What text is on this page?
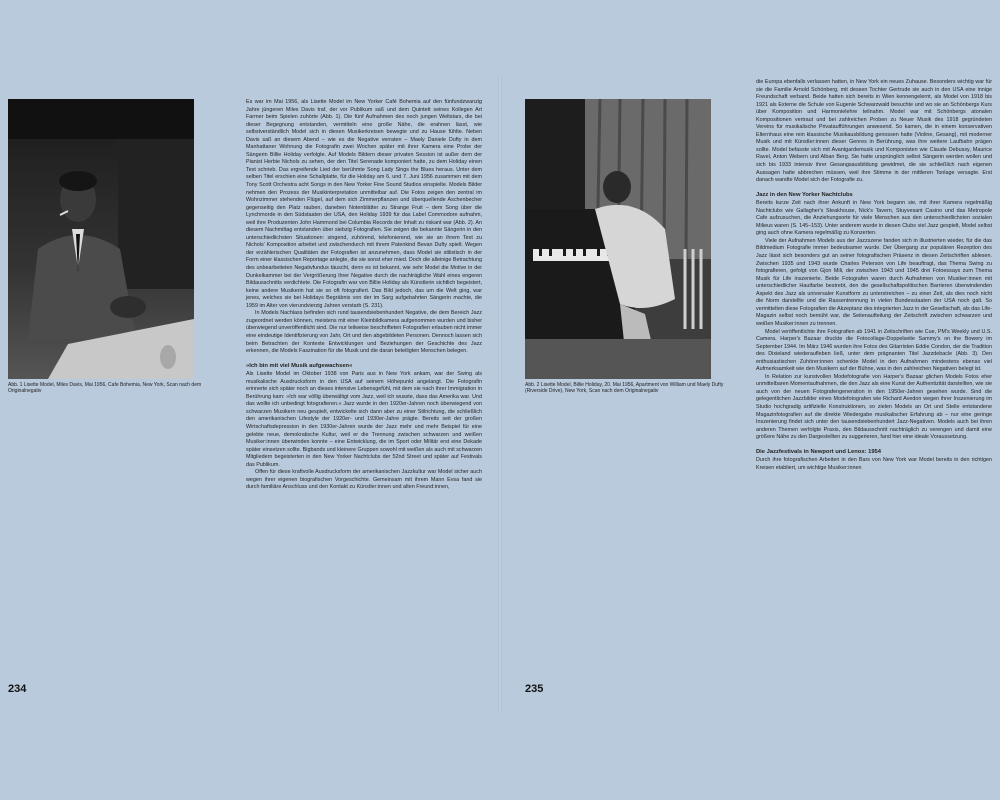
Abb. 1 Lisette Model, Miles Davis, Mai 1956, Cafe Bohemia, New York, Scan nach dem Originalnegativ

Es war im Mai 1956, als Lisette Model im New Yorker Café Bohemia auf den fünfundzwanzig Jahre jüngeren Miles Davis traf, der vor Publikum saß und dem Quintett seines Kollegen Art Farmer beim Spielen zuhörte (Abb. 1). Die fünf Aufnahmen des noch jungen Weltstars, die bei dieser Begegnung entstanden, vermitteln eine große Nähe, die erahnen lässt, wie selbstverständlich Model sich in diesen Musikerkreisen bewegte und zu Hause fühlte. Neben Davis saß an diesem Abend – wie es die Negative verraten – Maely Daniele Dufty in dem Manhattaner Wohnung die Fotografin zwei Wochen später mit ihrer Kamera eine Probe der Sängerin Billie Holiday verfolgte. Auf Models Bildern dieser privaten Session ist außer dem der Pianist Herbie Nichols zu sehen, der den Titel Serenade komponiert hatte, zu dem Holiday einen Text schrieb. Das ergreifende Lied der berühmte Song Lady Sings the Blues heraus. Unter dem selben Titel erschien eine Schallplatte, für die Holiday am 6. und 7. Juni 1956 zusammen mit dem Tony Scott Orchestra acht Songs in den New Yorker Fine Sound Studios einspielte. Models Bilder nehmen den Prozess der Musikinterpretation unmittelbar auf. Die Fotos zeigen den zentral im Wohnzimmer stehenden Flügel, auf dem sich Zimmerpflanzen und überquellende Aschenbecher gegenseitig den Platz rauben, daneben Notenblätter zu Strange Fruit – dem Song über die Lynchmorde in den Südstaaten der USA, den Holiday 1939 für das Label Commodore aufnahm, weil ihre Produzenten John Hammond bei Columbia Records der Inhalt zu riskant war (Abb. 2). An diesem Nachmittag entstanden über siebzig Fotografien. Sie zeigen die bekannte Sängerin in den unterschiedlichsten Situationen: singend, zuhörend, telefonierend, wie sie an ihrem Text zu Nichols' Komposition arbeitet und zwischendurch mit ihrem Patenkind Bevan Dufty spielt. Wegen der erzählerischen Qualitäten der Fotografien ist anzunehmen, dass Model sie stilistisch in der Form einer klassischen Reportage anlegte, die sie sonst eher mied. Doch die alleinige Betrachtung des unbearbeiteten Negativfundus täuscht, denn es ist bekannt, wie sehr Model die Motive in der Dunkelkammer bei der Vergrößerung ihrer Negative durch die nachträgliche Wahl eines engeren Bildausschnitts verdichtete. Die Fotografin war von Billie Holiday als Künstlerin sichtlich begeistert, keine andere Musikerin hat sie so oft fotografiert. Das Bild jedoch, das um die Welt ging, war jenes, welches sie bei Holidays Begräbnis von der im Sarg aufgebahrten Sängerin machte, die 1959 im Alter von vierundvierzig Jahren verstarb (S. 231).

In Models Nachlass befinden sich rund tausendsiebenhundert Negative, die dem Bereich Jazz zugeordnet werden können, meistens mit einer Kleinbildkamera aufgenommen wurden und bisher überwiegend unveröffentlicht sind. Die nur teilweise beschrifteten Fotografien erlauben nicht immer eine eindeutige Identifizierung von Jahr, Ort und den abgebildeten Personen. Dennoch lassen sich beim Betrachten der Kontexte Entwicklungen und Beziehungen der Geschichte des Jazz erkennen, die Models Faszination für die Musik und die daran beteiligten Menschen belegen.

»Ich bin mit viel Musik aufgewachsen«

Als Lisette Model im Oktober 1938 von Paris aus in New York ankam, war der Swing als musikalische Ausdrucksform in den USA auf seinem Höhepunkt angelangt. Die Fotografin erinnerte sich später noch an dieses intensive Lebensgefühl, mit dem sie nach ihrer Immigration in Berührung kam: »Ich war völlig überwältigt vom Jazz, weil ich wusste, dass das Amerika war. Und das wollte ich unbedingt fotografieren.« Jazz wurde in den 1920er-Jahren noch überwiegend von schwarzen Musikern neu gespielt, entwickelte sich dann aber zu einer Stilrichtung, die schließlich den amerikanischen Lifestyle der 1920er- und 1930er-Jahre prägte. Bereits seit der großen Wirtschaftsdepression in den 1930er-Jahren wurde der Jazz mehr und mehr Beispiel für eine gelebte neue, demokratische Kultur, weil er die Trennung zwischen schwarzen und weißen Musiker:innen überwinden konnte – eine Entwicklung, die im Sport oder Militär erst eine Dekade später einsetzen sollte. Bigbands und kleinere Gruppen sowohl mit weißen als auch mit schwarzen Mitgliedern begeisterten in den New Yorker Nachtclubs der 52nd Street und später auf Festivals das Publikum.

Offen für diese kraftvolle Ausdrucksform der amerikanischen Jazzkultur war Model sicher auch wegen ihrer eigenen biografischen Vorgeschichte. Gemeinsam mit ihrem Mann Evsa fand sie durch familiäre Anschluss und den Kontakt zu Künstler:innen und alten Freund:innen,

234
Abb. 2 Lisette Model, Billie Holiday, 20. Mai 1956, Apartment von William und Maely Dufty (Riverside Drive), New York, Scan nach dem Originalnegativ

die Europa ebenfalls verlassen hatten, in New York ein neues Zuhause. Besonders wichtig war für sie die Familie Arnold Schönberg, mit dessen Tochter Gertrude sie auch in den USA eine innige Freundschaft verband. Beide hatten sich bereits in Wien kennengelernt, als Model von 1918 bis 1921 als Externe die Schule von Eugenie Schwarzwald besuchte und wo sie an Schönbergs Kurs über Komposition und Harmonielehre teilnahm. Model war mit Schönbergs atonalen Kompositionen vertraut und bei zahlreichen Proben zu Neuer Musik des 1918 gegründeten Vereins für musikalische Privataufführungen anwesend. So kamen, die in einem konservativen Elternhaus eine rein klassische Musikausbildung genossen hatte (Violine, Gesang), mit moderner Musik und mit Künstler:innen dieser Genres in Berührung, was ihre weitere Laufbahn prägen sollte. Model befasste sich mit Avantgardemusik und Komponisten wie Claude Debussy, Maurice Ravel, Anton Webern und Alban Berg. Sie hatte ursprünglich selbst Sängerin werden wollen und sich bis 1933 intensiv ihrer Gesangsausbildung gewidmet, die sie schließlich nach eigenen Aussagen hatte abbrechen müssen, weil ihre Stimme in der mittleren Tonlage versagte. Erst danach wandte Model sich der Fotografie zu.

Jazz in den New Yorker Nachtclubs

Bereits kurze Zeit nach ihrer Ankunft in New York begann sie, mit ihrer Kamera regelmäßig Nachtclubs wie Gallagher's Steakhouse, Nick's Tavern, Stuyvesant Casino und das Metropole Cafe aufzusuchen, die Anziehungsorte für viele Menschen aus den unterschiedlichsten sozialen Milieus waren (S. 145–153). Unter anderem wurde in diesen Clubs viel Jazz gespielt, Model selbst ging auch ohne Kamera regelmäßig zu Konzerten.

Viele der Aufnahmen Models aus der Jazzszene fanden sich in illustrierten wieder, für die das Bildmedium Fotografie immer bedeutsamer wurde. Der Übergang zur populären Rezeption des Jazz lässt sich besonders gut an seiner fotografischen Präsenz in diesen Zeitschriften ablesen. Zwischen 1935 und 1943 wurde Charles Peterson von Life beauftragt, das Thema Swing zu fotografieren, gefolgt von Gjon Mili, der zwischen 1943 und 1945 drei Fotoessays zum Thema Musik für Life inszenierte. Beide Fotografen waren durch Aufnahmen von Musiker:innen mit unterschiedlicher Hautfarbe bestrebt, den die gesellschaftspolitischen Barrieren überwindenden Aspekt des Jazz als universaler Kunstform zu unterstreichen – zu einer Zeit, als dies noch nicht die Norm darstellte und die Rassentrennung in vielen Bundesstaaten der USA noch galt. So vermittelten diese Fotografien die Akzeptanz des integrierten Jazz in der Gesellschaft, als das Life-Magazin selbst noch bemüht war, die Seitenaufteilung der Zeitschrift zwischen schwarzen und weißen Musiker:innen zu trennen.

Model veröffentlichte ihre Fotografien ab 1941 in Zeitschriften wie Cue, PM's Weekly und U.S. Camera. Harper's Bazaar druckte die Fotocollage-Doppelseite Sammy's on the Bowery im September 1944. Im März 1946 wurden ihre Fotos des Gitarristen Eddie Condon, der die Tradition des Dixieland wiederaufleben ließ, unter dem prägnanten Titel Jazzdebacle (Abb. 3). Den enthusiastischen Zuhörer:innen schenkte Model in den Aufnahmen mindestens ebenso viel Aufmerksamkeit wie den Musikern auf der Bühne, was in den zahlreichen Negativen belegt ist.

In Relation zur kunstvollen Modefotografie von Harper's Bazaar glichen Models Fotos eher unmittelbaren Momentaufnahmen, die den Jazz als eine Kunst der Authentizität darstellten, wie sie auch von der neuen Fotografengeneration in den 1950er-Jahren gesehen wurde. Sind die gelegentlichen Jazzbilder eines Modefotografen wie Richard Avedon wegen ihrer Inszenierung im Studio hochgradig artifizielle Konstruktionen, so zielen Models an Ort und Stelle entstandene Magazinfotografien auf die direkte Wiedergabe musikalischer Erfahrung ab – nur eine geringe Inszenierung findet sich unter den tausendsiebenhundert Jazz-Negativen. Models auch bei ihren anderen Themen verfolgte Praxis, den Bildausschnitt nachträglich zu verengen und damit eine größere Nähe zu den Dargestellten zu suggerieren, fand hier eine ideale Voraussetzung.

Die Jazzfestivals in Newport und Lenox: 1954

Durch ihre fotografischen Arbeiten in den Bars von New York war Model bereits in den richtigen Kreisen etabliert, um wichtige Musiker:innen

235
